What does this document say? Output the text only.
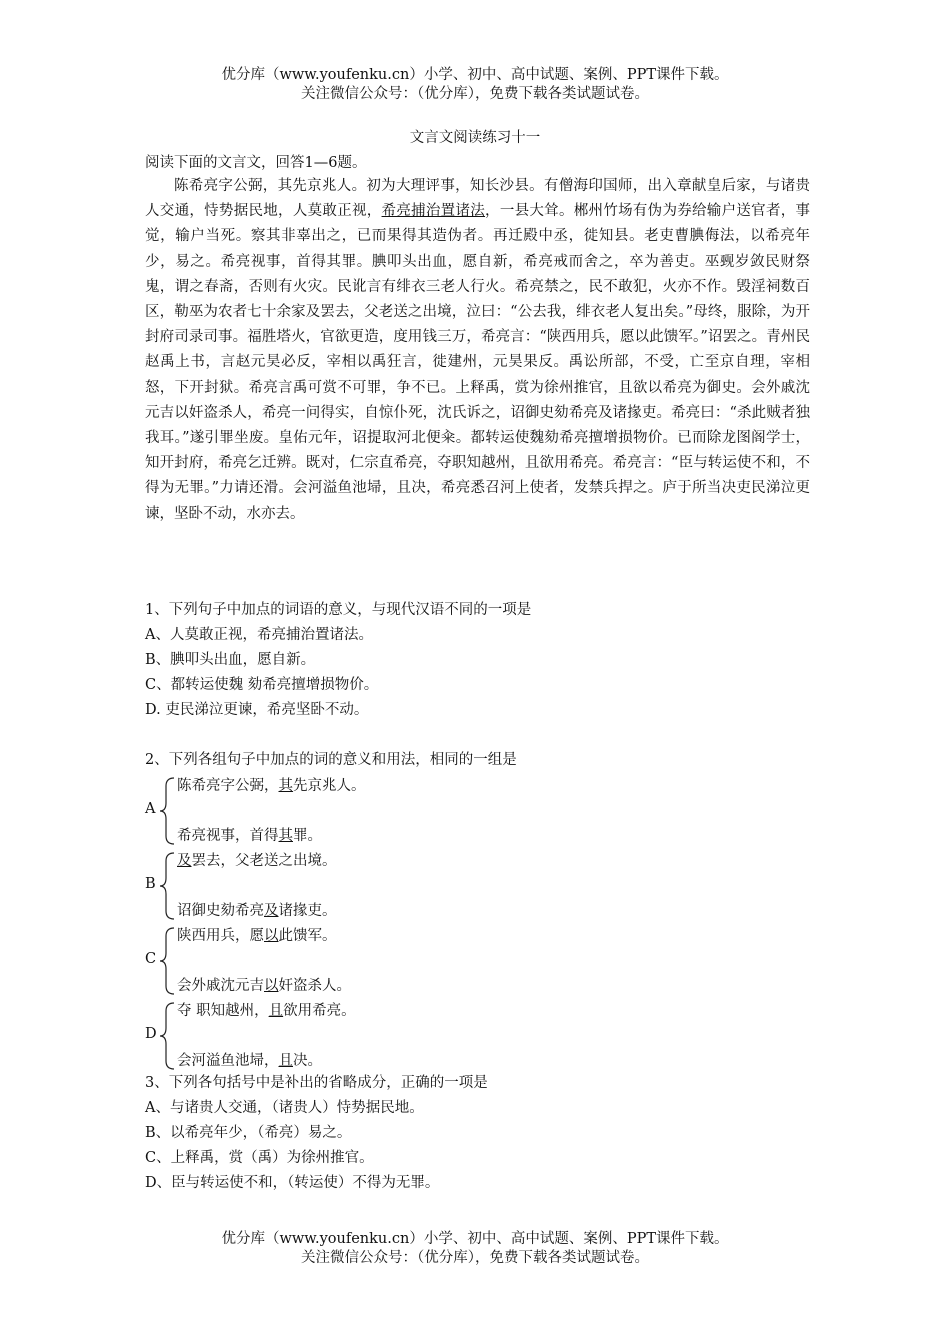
优分库（www.youfenku.cn）小学、初中、高中试题、案例、PPT课件下载。
关注微信公众号：（优分库），免费下载各类试题试卷。
文言文阅读练习十一
阅读下面的文言文，回答1—6题。

陈希亮字公弼，其先京兆人。初为大理评事，知长沙县。有僧海印国师，出入章献皇后家，与诸贵人交通，恃势据民地，人莫敢正视，希亮捕治置诸法，一县大耸。郴州竹场有伪为券给输户送官者，事觉，输户当死。察其非辜出之，已而果得其造伪者。再迁殿中丞，徙知县。老吏曹腆侮法，以希亮年少，易之。希亮视事，首得其罪。腆叩头出血，愿自新，希亮戒而舍之，卒为善吏。巫觋岁敛民财祭鬼，谓之春斋，否则有火灾。民讹言有绯衣三老人行火。希亮禁之，民不敢犯，火亦不作。毁淫祠数百区，勒巫为农者七十余家及罢去，父老送之出境，泣曰：“公去我，绯衣老人复出矣。”母终，服除，为开封府司录司事。福胜塔火，官欲更造，度用钱三万，希亮言：“陕西用兵，愿以此馈军。”诏罢之。青州民赵禹上书，言赵元昊必反，宰相以禹狂言，徙建州，元昊果反。禹讼所部，不受，亡至京自理，宰相怒，下开封狱。希亮言禹可赏不可罪，争不已。上释禹，赏为徐州推官，且欲以希亮为御史。会外戚沈元吉以奸盗杀人，希亮一问得实，自惊仆死，沈氏诉之，诏御史劾希亮及诸掾吏。希亮曰：“杀此贼者独我耳。”遂引罪坐废。皇佑元年，诏提取河北便籴。都转运使魏劾希亮擅增损物价。已而除龙图阁学士，知开封府，希亮乞迁辨。既对，仁宗直希亮，夺职知越州，且欲用希亮。希亮言：“臣与转运使不和，不得为无罪。”力请还滑。会河溢鱼池埽，且决，希亮悉召河上使者，发禁兵捍之。庐于所当决吏民涕泣更谏，坚卧不动，水亦去。

1、下列句子中加点的词语的意义，与现代汉语不同的一项是
A、人莫敢正视，希亮捕治置诸法。
B、腆叩头出血，愿自新。
C、都转运使魏 劾希亮擅增损物价。
D. 吏民涕泣更谏，希亮坚卧不动。
2、下列各组句子中加点的词的意义和用法，相同的一组是
A
陈希亮字公弼，其先京兆人。
希亮视事，首得其罪。
B
及罢去，父老送之出境。
诏御史劾希亮及诸掾吏。
C
陕西用兵，愿以此馈军。
会外戚沈元吉以奸盗杀人。
D
夺 职知越州，且欲用希亮。
会河溢鱼池埽，且决。
3、下列各句括号中是补出的省略成分，正确的一项是
A、与诸贵人交通，（诸贵人）恃势据民地。
B、以希亮年少，（希亮）易之。
C、上释禹，赏（禹）为徐州推官。
D、臣与转运使不和，（转运使）不得为无罪。
优分库（www.youfenku.cn）小学、初中、高中试题、案例、PPT课件下载。
关注微信公众号：（优分库），免费下载各类试题试卷。
